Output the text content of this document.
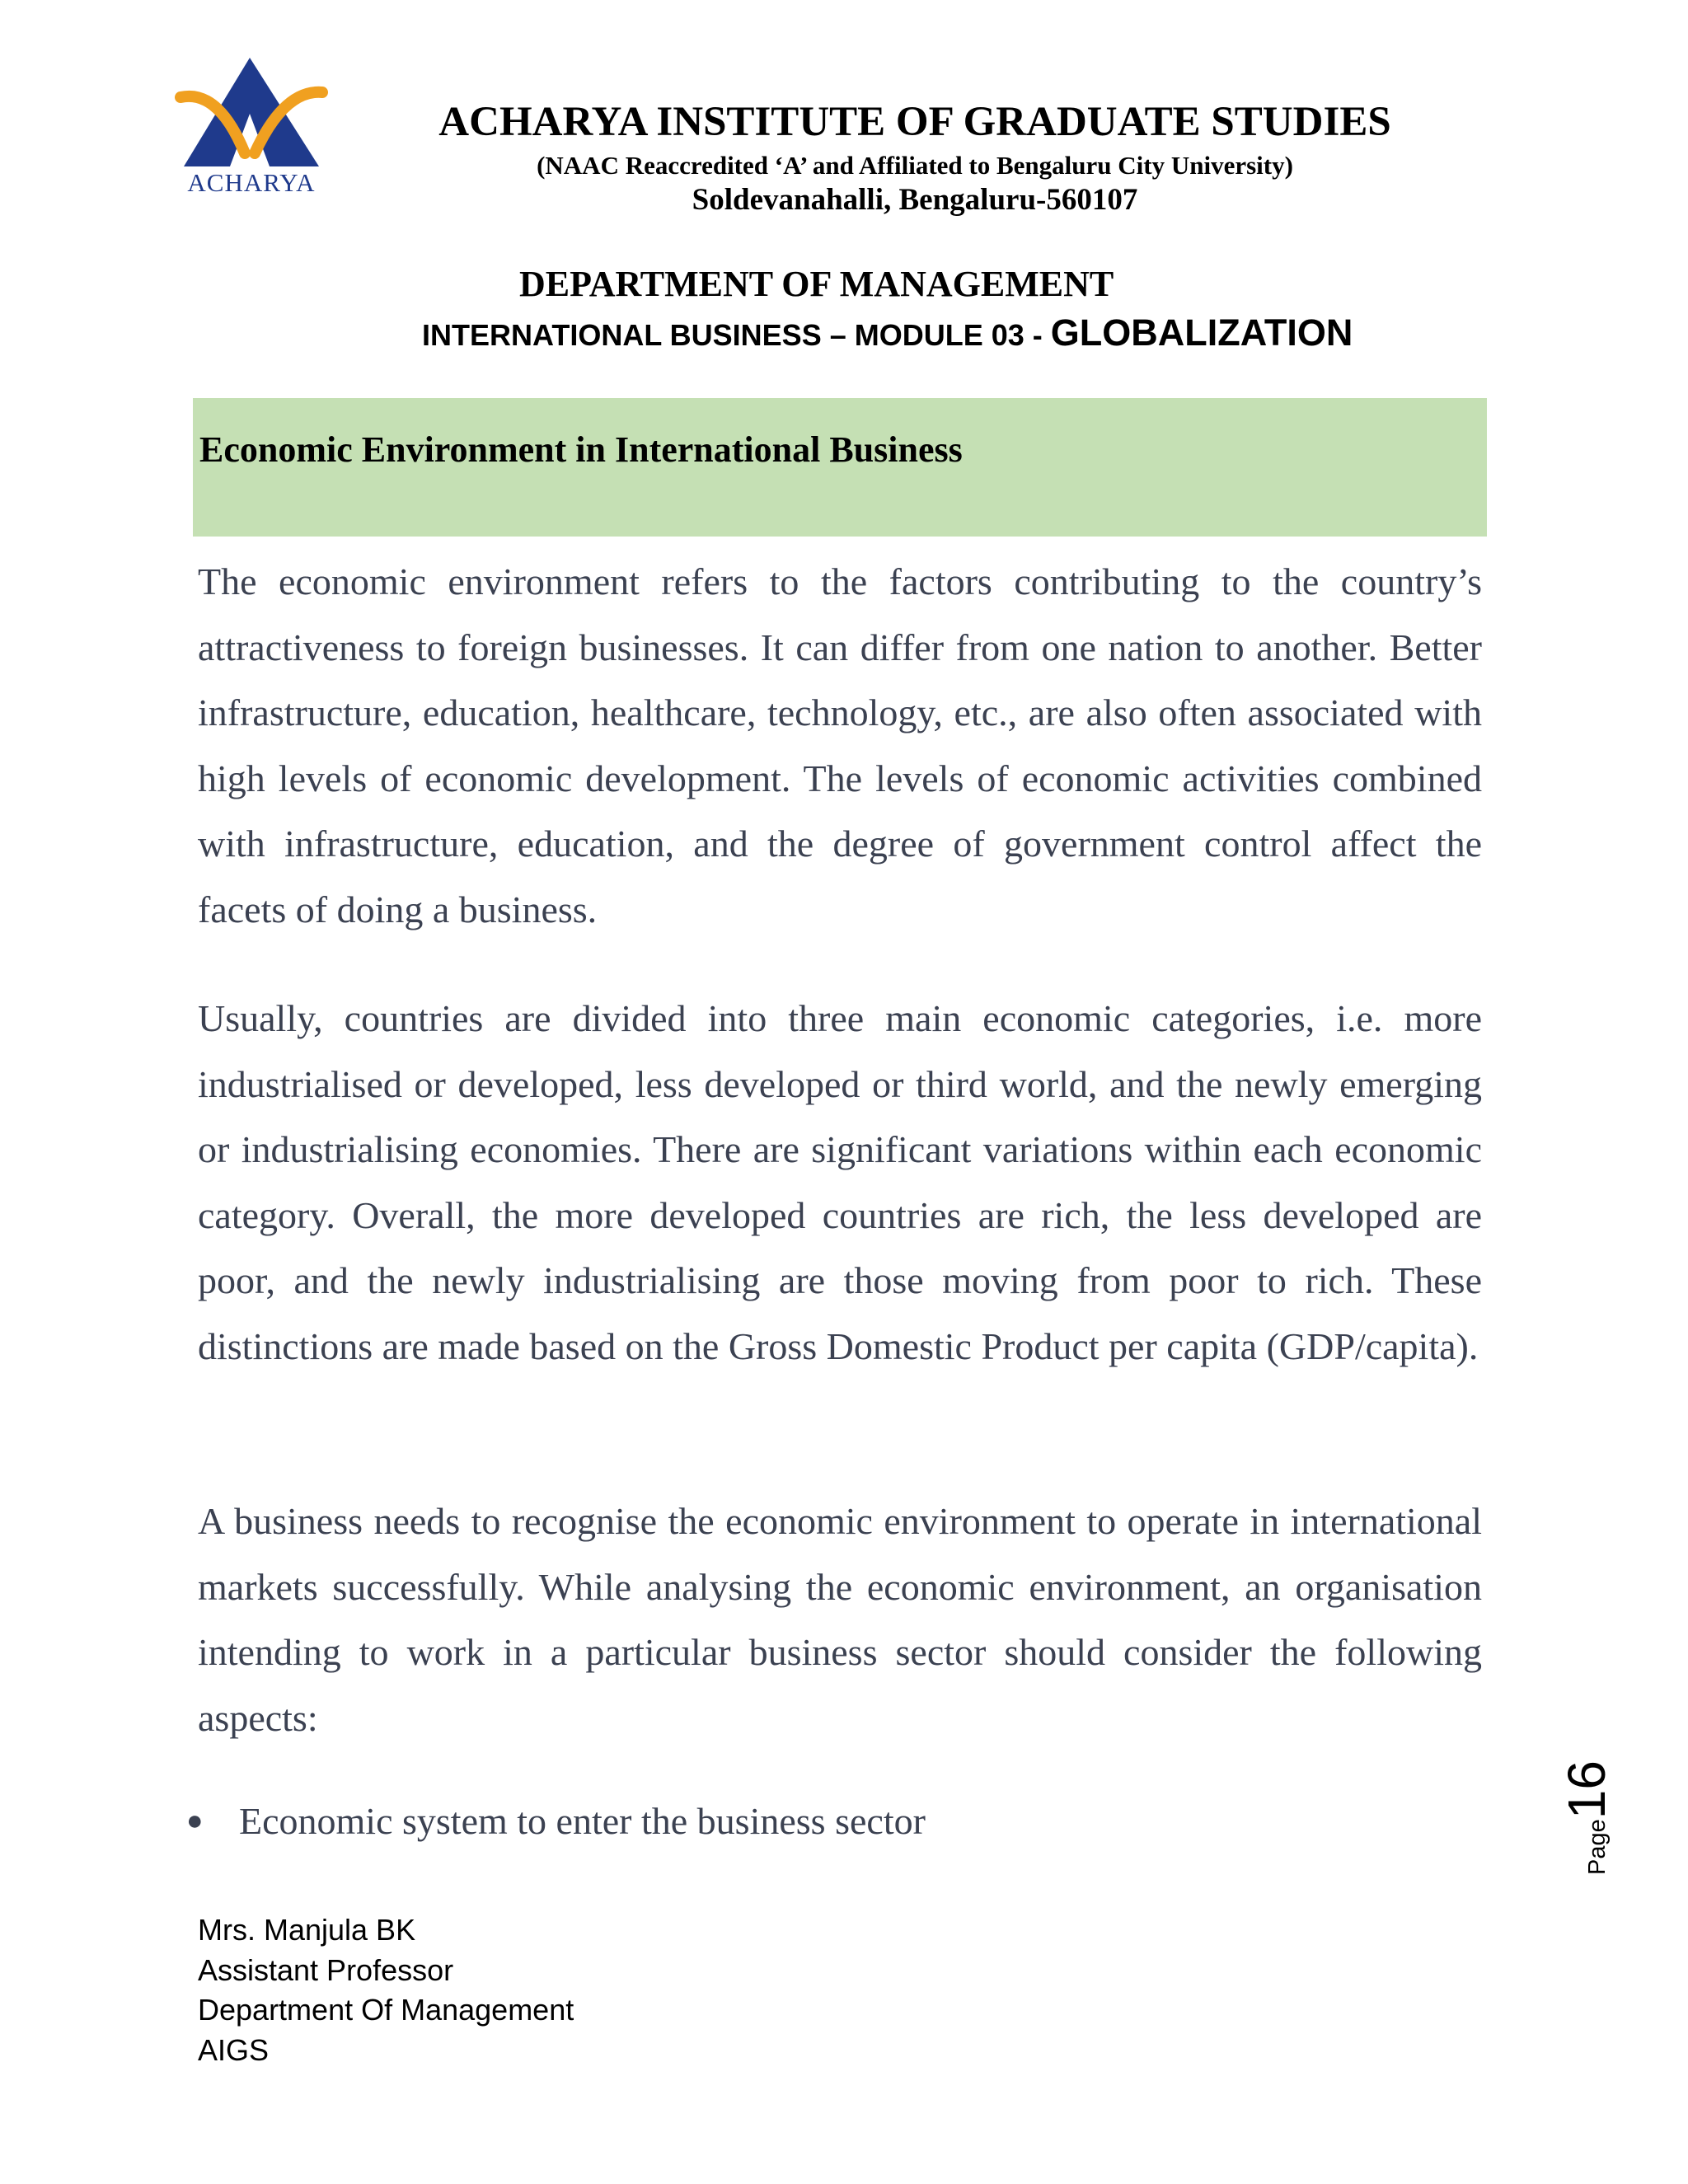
ACHARYA
ACHARYA INSTITUTE OF GRADUATE STUDIES
(NAAC Reaccredited ‘A’ and Affiliated to Bengaluru City University)
Soldevanahalli, Bengaluru-560107
DEPARTMENT OF MANAGEMENT
INTERNATIONAL BUSINESS – MODULE 03 - GLOBALIZATION
Economic Environment in International Business

The economic environment refers to the factors contributing to the country’s attractiveness to foreign businesses. It can differ from one nation to another. Better infrastructure, education, healthcare, technology, etc., are also often associated with high levels of economic development. The levels of economic activities combined with infrastructure, education, and the degree of government control affect the facets of doing a business.

Usually, countries are divided into three main economic categories, i.e. more industrialised or developed, less developed or third world, and the newly emerging or industrialising economies. There are significant variations within each economic category. Overall, the more developed countries are rich, the less developed are poor, and the newly industrialising are those moving from poor to rich. These distinctions are made based on the Gross Domestic Product per capita (GDP/capita).

A business needs to recognise the economic environment to operate in international markets successfully. While analysing the economic environment, an organisation intending to work in a particular business sector should consider the following aspects:

● Economic system to enter the business sector	Page16
Mrs. Manjula BK
Assistant Professor
Department Of Management
AIGS
